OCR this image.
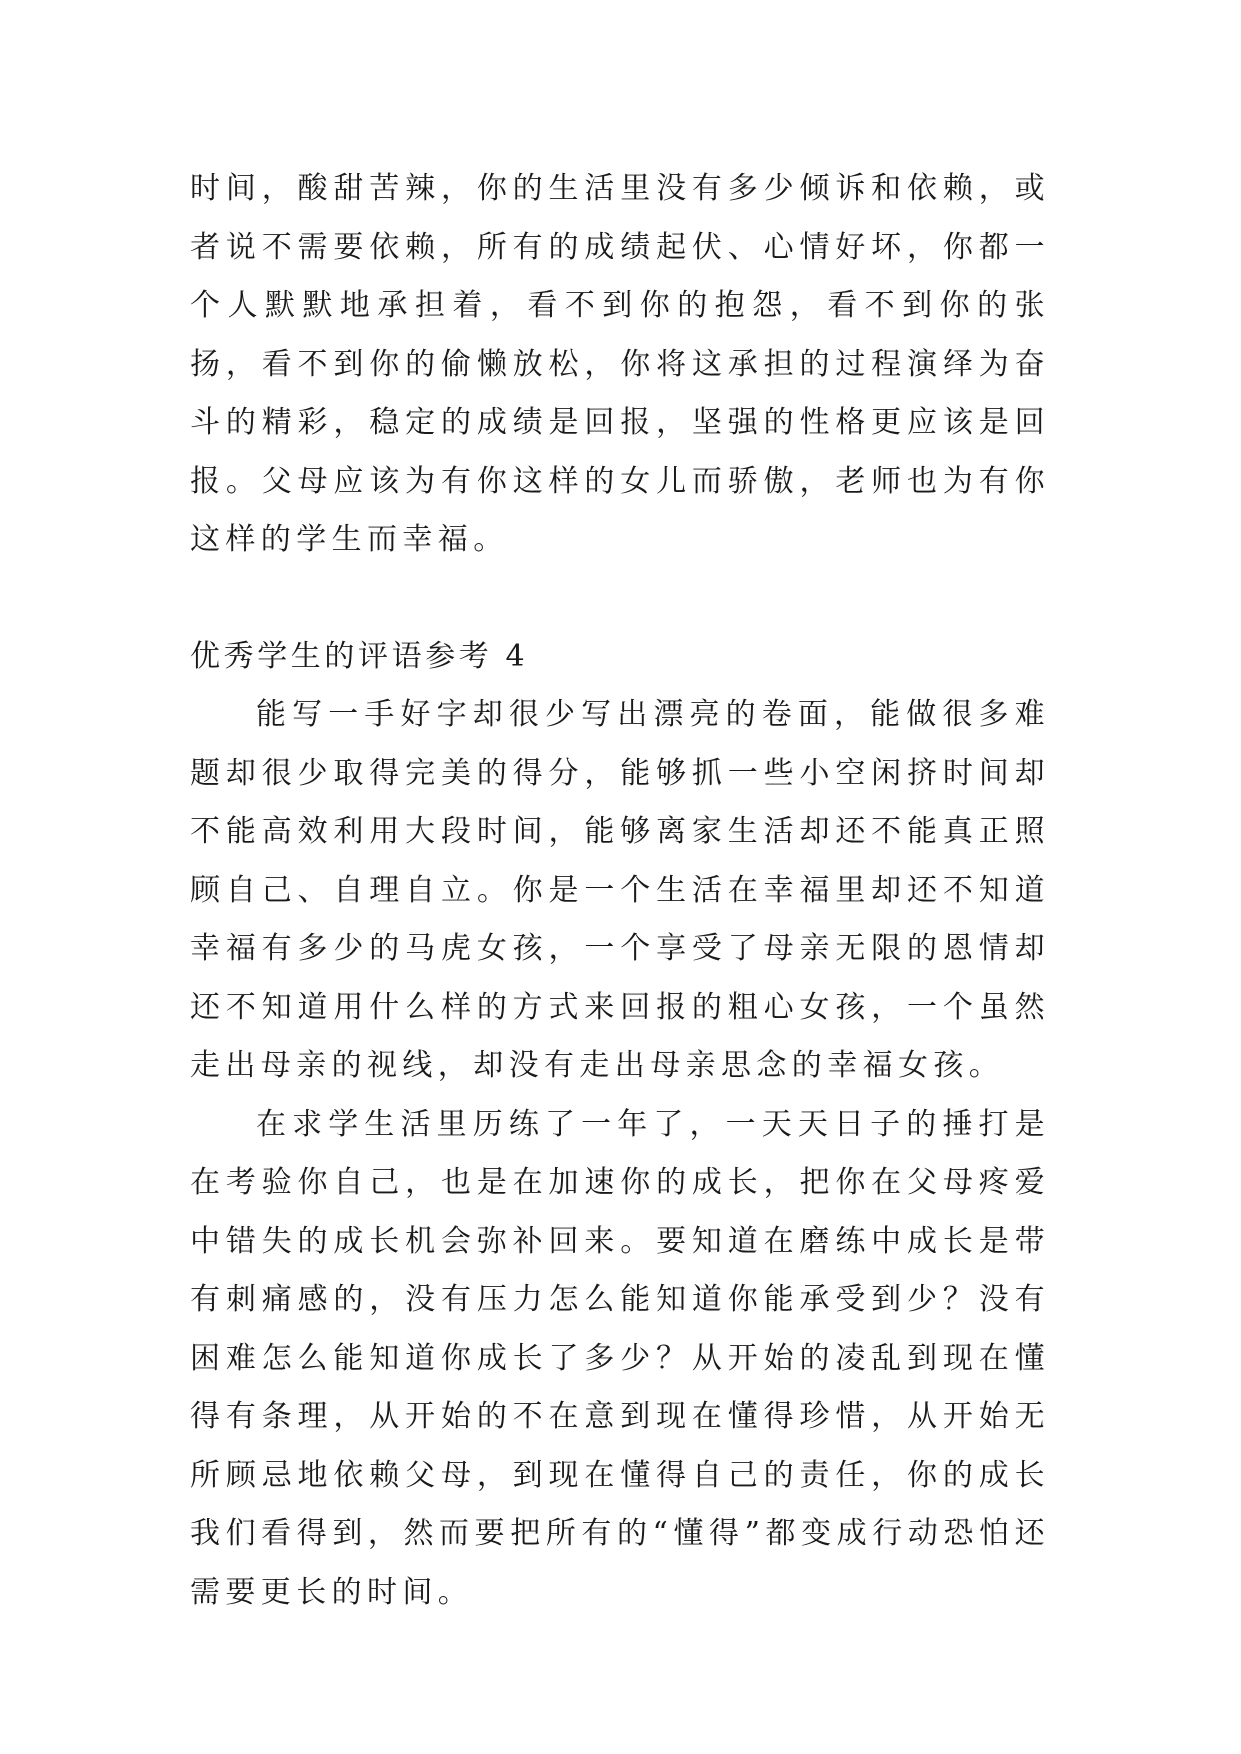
时间，酸甜苦辣，你的生活里没有多少倾诉和依赖，或者说不需要依赖，所有的成绩起伏、心情好坏，你都一个人默默地承担着，看不到你的抱怨，看不到你的张扬，看不到你的偷懒放松，你将这承担的过程演绎为奋斗的精彩，稳定的成绩是回报，坚强的性格更应该是回报。父母应该为有你这样的女儿而骄傲，老师也为有你这样的学生而幸福。

优秀学生的评语参考 4

能写一手好字却很少写出漂亮的卷面，能做很多难题却很少取得完美的得分，能够抓一些小空闲挤时间却不能高效利用大段时间，能够离家生活却还不能真正照顾自己、自理自立。你是一个生活在幸福里却还不知道幸福有多少的马虎女孩，一个享受了母亲无限的恩情却还不知道用什么样的方式来回报的粗心女孩，一个虽然走出母亲的视线，却没有走出母亲思念的幸福女孩。

在求学生活里历练了一年了，一天天日子的捶打是在考验你自己，也是在加速你的成长，把你在父母疼爱中错失的成长机会弥补回来。要知道在磨练中成长是带有刺痛感的，没有压力怎么能知道你能承受到少？没有困难怎么能知道你成长了多少？从开始的凌乱到现在懂得有条理，从开始的不在意到现在懂得珍惜，从开始无所顾忌地依赖父母，到现在懂得自己的责任，你的成长我们看得到，然而要把所有的“懂得”都变成行动恐怕还需要更长的时间。
